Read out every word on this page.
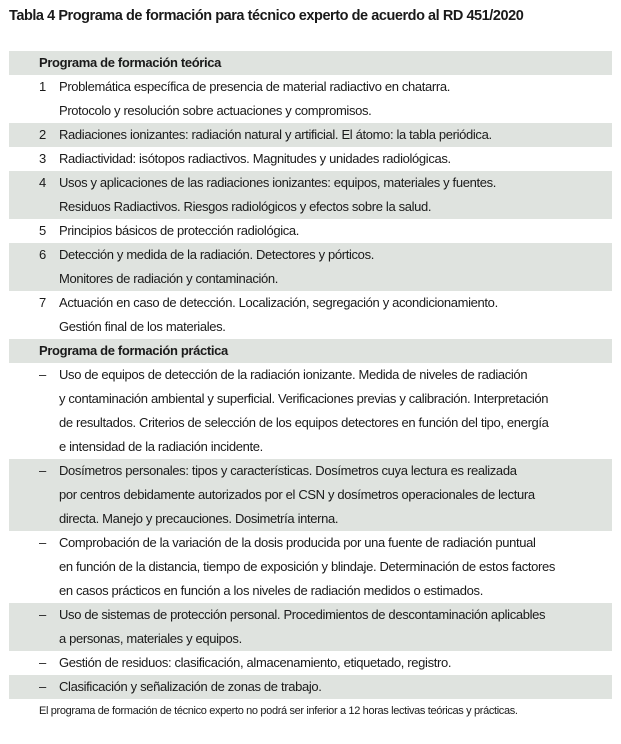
Tabla 4 Programa de formación para técnico experto de acuerdo al RD 451/2020
Programa de formación teórica
1	Problemática específica de presencia de material radiactivo en chatarra.
Protocolo y resolución sobre actuaciones y compromisos.
2	Radiaciones ionizantes: radiación natural y artificial. El átomo: la tabla periódica.
3	Radiactividad: isótopos radiactivos. Magnitudes y unidades radiológicas.
4	Usos y aplicaciones de las radiaciones ionizantes: equipos, materiales y fuentes.
Residuos Radiactivos. Riesgos radiológicos y efectos sobre la salud.
5	Principios básicos de protección radiológica.
6	Detección y medida de la radiación. Detectores y pórticos.
Monitores de radiación y contaminación.
7	Actuación en caso de detección. Localización, segregación y acondicionamiento.
Gestión final de los materiales.
Programa de formación práctica
–	Uso de equipos de detección de la radiación ionizante. Medida de niveles de radiación
y contaminación ambiental y superficial. Verificaciones previas y calibración. Interpretación
de resultados. Criterios de selección de los equipos detectores en función del tipo, energía
e intensidad de la radiación incidente.
–	Dosímetros personales: tipos y características. Dosímetros cuya lectura es realizada
por centros debidamente autorizados por el CSN y dosímetros operacionales de lectura
directa. Manejo y precauciones. Dosimetría interna.
–	Comprobación de la variación de la dosis producida por una fuente de radiación puntual
en función de la distancia, tiempo de exposición y blindaje. Determinación de estos factores
en casos prácticos en función a los niveles de radiación medidos o estimados.
–	Uso de sistemas de protección personal. Procedimientos de descontaminación aplicables
a personas, materiales y equipos.
–	Gestión de residuos: clasificación, almacenamiento, etiquetado, registro.
–	Clasificación y señalización de zonas de trabajo.
El programa de formación de técnico experto no podrá ser inferior a 12 horas lectivas teóricas y prácticas.
